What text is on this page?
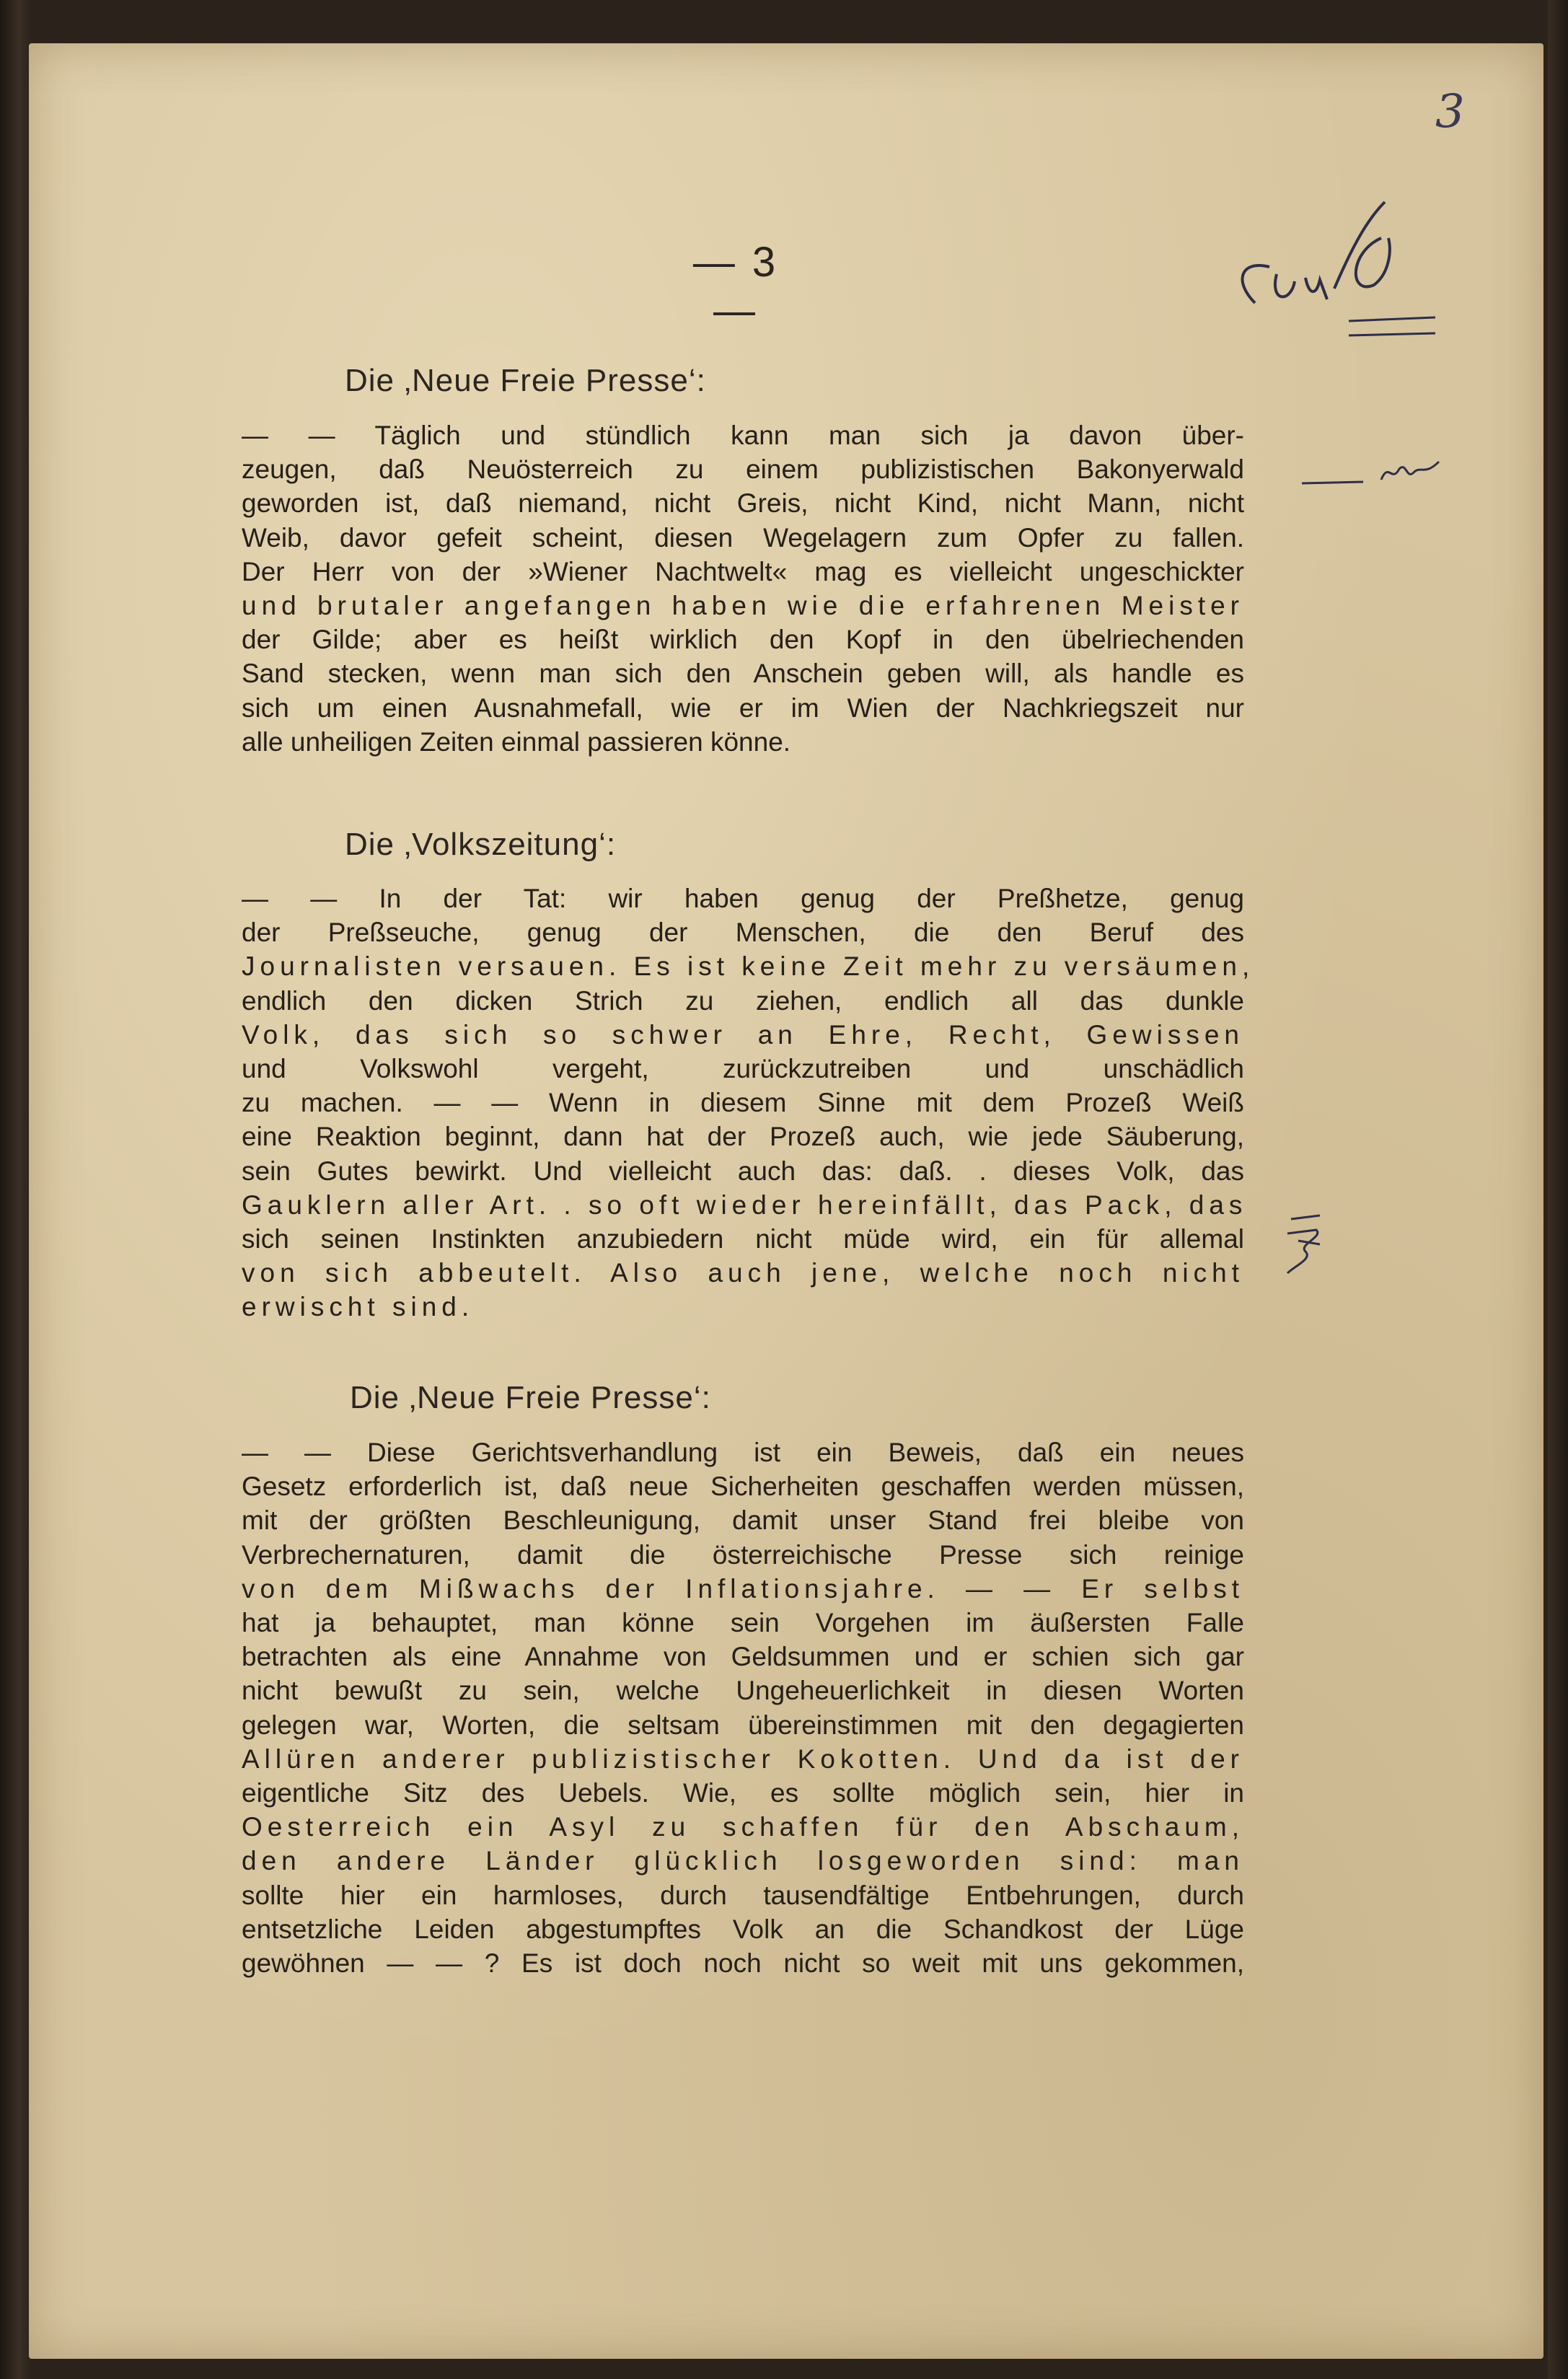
— 3 —
3
Cor d
Zew
Die ‚Neue Freie Presse‘:
— — Täglich und stündlich kann man sich ja davon über-
zeugen, daß Neuösterreich zu einem publizistischen Bakonyerwald
geworden ist, daß niemand, nicht Greis, nicht Kind, nicht Mann, nicht
Weib, davor gefeit scheint, diesen Wegelagern zum Opfer zu fallen.
Der Herr von der »Wiener Nachtwelt« mag es vielleicht ungeschickter
und brutaler angefangen haben wie die erfahrenen Meister
der Gilde; aber es heißt wirklich den Kopf in den übelriechenden
Sand stecken, wenn man sich den Anschein geben will, als handle es
sich um einen Ausnahmefall, wie er im Wien der Nachkriegszeit nur
alle unheiligen Zeiten einmal passieren könne.
Die ‚Volkszeitung‘:
— — In der Tat: wir haben genug der Preßhetze, genug
der Preßseuche, genug der Menschen, die den Beruf des
Journalisten versauen. Es ist keine Zeit mehr zu versäumen,
endlich den dicken Strich zu ziehen, endlich all das dunkle
Volk, das sich so schwer an Ehre, Recht, Gewissen
und Volkswohl vergeht, zurückzutreiben und unschädlich
zu machen. — — Wenn in diesem Sinne mit dem Prozeß Weiß
eine Reaktion beginnt, dann hat der Prozeß auch, wie jede Säuberung,
sein Gutes bewirkt. Und vielleicht auch das: daß. . dieses Volk, das
Gauklern aller Art. . so oft wieder hereinfällt, das Pack, das
sich seinen Instinkten anzubiedern nicht müde wird, ein für allemal
von sich abbeutelt. Also auch jene, welche noch nicht
erwischt sind.
Die ‚Neue Freie Presse‘:
— — Diese Gerichtsverhandlung ist ein Beweis, daß ein neues
Gesetz erforderlich ist, daß neue Sicherheiten geschaffen werden müssen,
mit der größten Beschleunigung, damit unser Stand frei bleibe von
Verbrechernaturen, damit die österreichische Presse sich reinige
von dem Mißwachs der Inflationsjahre. — — Er selbst
hat ja behauptet, man könne sein Vorgehen im äußersten Falle
betrachten als eine Annahme von Geldsummen und er schien sich gar
nicht bewußt zu sein, welche Ungeheuerlichkeit in diesen Worten
gelegen war, Worten, die seltsam übereinstimmen mit den degagierten
Allüren anderer publizistischer Kokotten. Und da ist der
eigentliche Sitz des Uebels. Wie, es sollte möglich sein, hier in
Oesterreich ein Asyl zu schaffen für den Abschaum,
den andere Länder glücklich losgeworden sind: man
sollte hier ein harmloses, durch tausendfältige Entbehrungen, durch
entsetzliche Leiden abgestumpftes Volk an die Schandkost der Lüge
gewöhnen — — ? Es ist doch noch nicht so weit mit uns gekommen,
